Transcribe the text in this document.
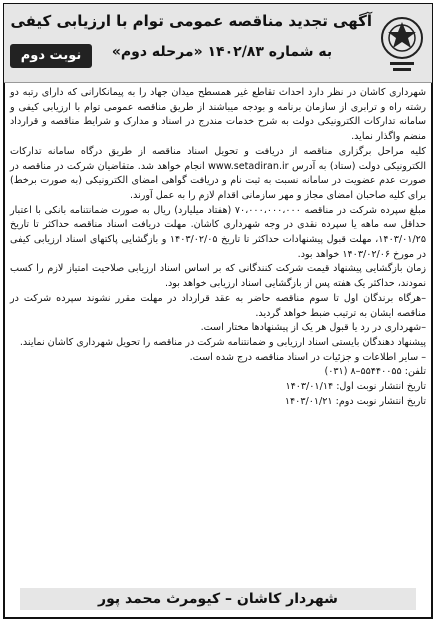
آگهی تجدید مناقصه عمومی توام با ارزیابی کیفی
به شماره ۱۴۰۲/۸۳ «مرحله دوم»
نوبت دوم

شهرداری کاشان در نظر دارد احداث تقاطع غیر همسطح میدان جهاد را به پیمانکارانی که دارای رتبه دو رشته راه و ترابری از سازمان برنامه و بودجه میباشند از طریق مناقصه عمومی توام با ارزیابی کیفی و سامانه تدارکات الکترونیکی دولت به شرح خدمات مندرج در اسناد و مدارک و شرایط مناقصه و قرارداد منضم واگذار نماید.

کلیه مراحل برگزاری مناقصه از دریافت و تحویل اسناد مناقصه از طریق درگاه سامانه تدارکات الکترونیکی دولت (ستاد) به آدرس www.setadiran.ir انجام خواهد شد. متقاضیان شرکت در مناقصه در صورت عدم عضویت در سامانه نسبت به ثبت نام و دریافت گواهی امضای الکترونیکی (به صورت برخط) برای کلیه صاحبان امضای مجاز و مهر سازمانی اقدام لازم را به عمل آورند.

مبلغ سپرده شرکت در مناقصه ۷۰،۰۰۰،۰۰۰،۰۰۰ (هفتاد میلیارد) ریال به صورت ضمانتنامه بانکی با اعتبار حداقل سه ماهه یا سپرده نقدی در وجه شهرداری کاشان. مهلت دریافت اسناد مناقصه حداکثر تا تاریخ ۱۴۰۳/۰۱/۲۵، مهلت قبول پیشنهادات حداکثر تا تاریخ ۱۴۰۳/۰۲/۰۵ و بازگشایی پاکتهای اسناد ارزیابی کیفی در مورخ ۱۴۰۳/۰۲/۰۶ خواهد بود.

زمان بازگشایی پیشنهاد قیمت شرکت کنندگانی که بر اساس اسناد ارزیابی صلاحیت امتیاز لازم را کسب نمودند، حداکثر یک هفته پس از بازگشایی اسناد ارزیابی خواهد بود.

–هرگاه برندگان اول تا سوم مناقصه حاضر به عقد قرارداد در مهلت مقرر نشوند سپرده شرکت در مناقصه ایشان به ترتیب ضبط خواهد گردید.

–شهرداری در رد یا قبول هر یک از پیشنهادها مختار است.

پیشنهاد دهندگان بایستی اسناد ارزیابی و ضمانتنامه شرکت در مناقصه را تحویل شهرداری کاشان نمایند.

– سایر اطلاعات و جزئیات در اسناد مناقصه درج شده است.

تلفن: ۵۵۴۴۰۰۵۵–۸ (۰۳۱)

تاریخ انتشار نوبت اول: ۱۴۰۳/۰۱/۱۴

تاریخ انتشار نوبت دوم: ۱۴۰۳/۰۱/۲۱

شهردار کاشان – کیومرث محمد پور
